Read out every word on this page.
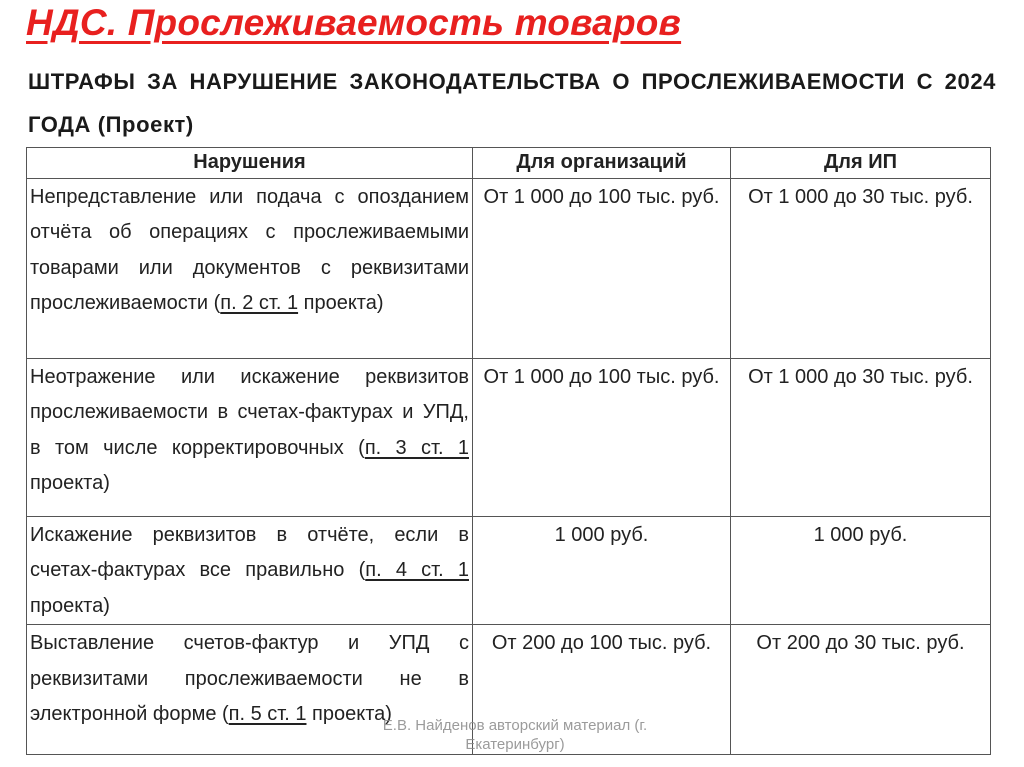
НДС. Прослеживаемость товаров
ШТРАФЫ ЗА НАРУШЕНИЕ ЗАКОНОДАТЕЛЬСТВА О ПРОСЛЕЖИВАЕМОСТИ С 2024 ГОДА (Проект)
Нарушения	Для организаций	Для ИП
Непредставление или подача с опозданием отчёта об операциях с прослеживаемыми товарами или документов с реквизитами прослеживаемости (п. 2 ст. 1 проекта)	От 1 000 до 100 тыс. руб.	От 1 000 до 30 тыс. руб.
Неотражение или искажение реквизитов прослеживаемости в счетах-фактурах и УПД, в том числе корректировочных (п. 3 ст. 1 проекта)	От 1 000 до 100 тыс. руб.	От 1 000 до 30 тыс. руб.
Искажение реквизитов в отчёте, если в счетах-фактурах все правильно (п. 4 ст. 1 проекта)	1 000 руб.	1 000 руб.
Выставление счетов-фактур и УПД с реквизитами прослеживаемости не в электронной форме (п. 5 ст. 1 проекта)	От 200 до 100 тыс. руб.	От 200 до 30 тыс. руб.
Е.В. Найденов авторский материал (г. Екатеринбург)
